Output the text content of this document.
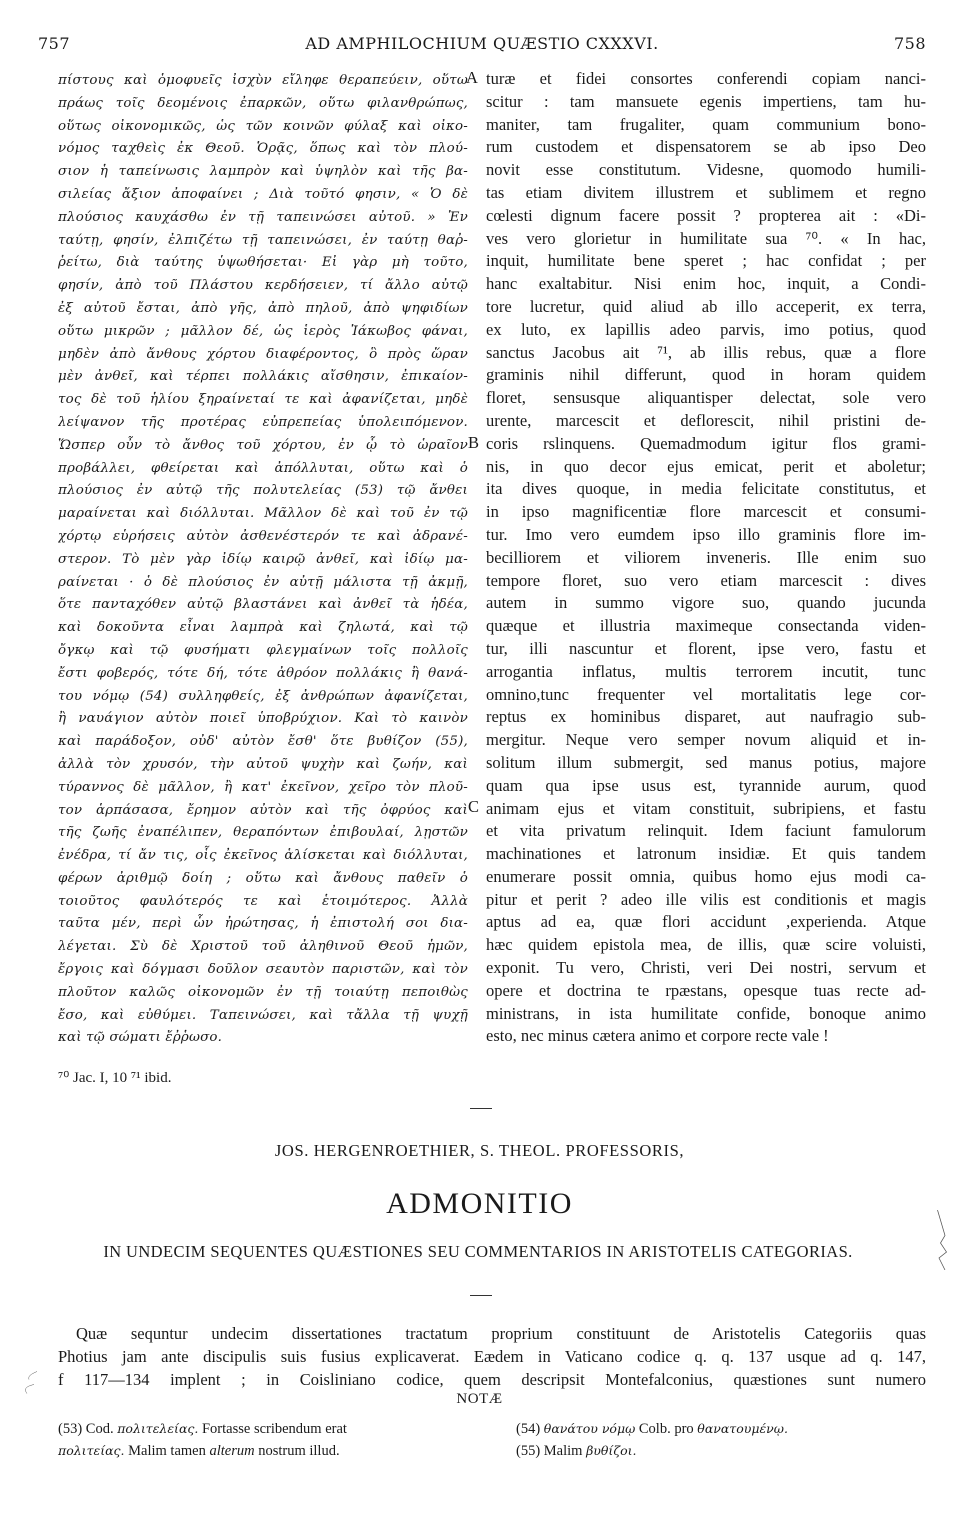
757	AD AMPHILOCHIUM QUÆSTIO CXXXVI.	758
πίστους καὶ ὁμοφυεῖς ἰσχὺν εἴληφε θεραπεύειν, οὕτω
πράως τοῖς δεομένοις ἐπαρκῶν, οὕτω φιλανθρώπως,
οὕτως οἰκονομικῶς, ὡς τῶν κοινῶν φύλαξ καὶ οἰκο-
νόμος ταχθεὶς ἐκ Θεοῦ. Ὁρᾷς, ὅπως καὶ τὸν πλού-
σιον ἡ ταπείνωσις λαμπρὸν καὶ ὑψηλὸν καὶ τῆς βα-
σιλείας ἄξιον ἀποφαίνει ; Διὰ τοῦτό φησιν, « Ὁ δὲ
πλούσιος καυχάσθω ἐν τῇ ταπεινώσει αὐτοῦ. » Ἐν
ταύτῃ, φησίν, ἐλπιζέτω τῇ ταπεινώσει, ἐν ταύτῃ θαῤ-
ῥείτω, διὰ ταύτης ὑψωθήσεται· Εἰ γὰρ μὴ τοῦτο,
φησίν, ἀπὸ τοῦ Πλάστου κερδήσειεν, τί ἄλλο αὐτῷ
ἐξ αὐτοῦ ἔσται, ἀπὸ γῆς, ἀπὸ πηλοῦ, ἀπὸ ψηφιδίων
οὕτω μικρῶν ; μᾶλλον δέ, ὡς ἱερὸς Ἰάκωβος φάναι,
μηδὲν ἀπὸ ἄνθους χόρτου διαφέροντος, ὃ πρὸς ὥραν
μὲν ἀνθεῖ, καὶ τέρπει πολλάκις αἴσθησιν, ἐπικαίον-
τος δὲ τοῦ ἡλίου ξηραίνεταί τε καὶ ἀφανίζεται, μηδὲ
λείψανον τῆς προτέρας εὐπρεπείας ὑπολειπόμενον.
Ὥσπερ οὖν τὸ ἄνθος τοῦ χόρτου, ἐν ᾧ τὸ ὡραῖον
προβάλλει, φθείρεται καὶ ἀπόλλυται, οὕτω καὶ ὁ
πλούσιος ἐν αὐτῷ τῆς πολυτελείας (53) τῷ ἄνθει
μαραίνεται καὶ διόλλυται. Μᾶλλον δὲ καὶ τοῦ ἐν τῷ
χόρτῳ εὑρήσεις αὐτὸν ἀσθενέστερόν τε καὶ ἀδρανέ-
στερον. Τὸ μὲν γὰρ ἰδίῳ καιρῷ ἀνθεῖ, καὶ ἰδίῳ μα-
ραίνεται · ὁ δὲ πλούσιος ἐν αὐτῇ μάλιστα τῇ ἀκμῇ,
ὅτε πανταχόθεν αὐτῷ βλαστάνει καὶ ἀνθεῖ τὰ ἡδέα,
καὶ δοκοῦντα εἶναι λαμπρὰ καὶ ζηλωτά, καὶ τῷ
ὄγκῳ καὶ τῷ φυσήματι φλεγμαίνων τοῖς πολλοῖς
ἔστι φοβερός, τότε δή, τότε ἀθρόον πολλάκις ἢ θανά-
του νόμῳ (54) συλληφθείς, ἐξ ἀνθρώπων ἀφανίζεται,
ἢ ναυάγιον αὐτὸν ποιεῖ ὑποβρύχιον. Καὶ τὸ καινὸν
καὶ παράδοξον, οὐδ' αὐτὸν ἔσθ' ὅτε βυθίζον (55),
ἀλλὰ τὸν χρυσόν, τὴν αὐτοῦ ψυχὴν καὶ ζωήν, καὶ
τύραννος δὲ μᾶλλον, ἢ κατ' ἐκεῖνον, χεῖρο τὸν πλοῦ-
τον ἁρπάσασα, ἔρημον αὐτὸν καὶ τῆς ὀφρύος καὶ
τῆς ζωῆς ἐναπέλιπεν, θεραπόντων ἐπιβουλαί, λῃστῶν
ἐνέδρα, τί ἄν τις, οἷς ἐκεῖνος ἁλίσκεται καὶ διόλλυται,
φέρων ἀριθμῷ δοίη ; οὕτω καὶ ἄνθους παθεῖν ὁ
τοιοῦτος φαυλότερός τε καὶ ἑτοιμότερος. Ἀλλὰ
ταῦτα μέν, περὶ ὧν ἠρώτησας, ἡ ἐπιστολή σοι δια-
λέγεται. Σὺ δὲ Χριστοῦ τοῦ ἀληθινοῦ Θεοῦ ἡμῶν,
ἔργοις καὶ δόγμασι δοῦλον σεαυτὸν παριστῶν, καὶ τὸν
πλοῦτον καλῶς οἰκονομῶν ἐν τῇ τοιαύτῃ πεποιθὼς
ἔσο, καὶ εὐθύμει. Ταπεινώσει, καὶ τἄλλα τῇ ψυχῇ
καὶ τῷ σώματι ἔῤῥωσο.
A
B
C
turæ et fidei consortes conferendi copiam nanci-
scitur : tam mansuete egenis impertiens, tam hu-
maniter, tam frugaliter, quam communium bono-
rum custodem et dispensatorem se ab ipso Deo
novit esse constitutum. Videsne, quomodo humili-
tas etiam divitem illustrem et sublimem et regno
cœlesti dignum facere possit ? propterea ait : «Di-
ves vero glorietur in humilitate sua ⁷⁰. « In hac,
inquit, humilitate bene speret ; hac confidat ; per
hanc exaltabitur. Nisi enim hoc, inquit, a Condi-
tore lucretur, quid aliud ab illo acceperit, ex terra,
ex luto, ex lapillis adeo parvis, imo potius, quod
sanctus Jacobus ait ⁷¹, ab illis rebus, quæ a flore
graminis nihil differunt, quod in horam quidem
floret, sensusque aliquantisper delectat, sole vero
urente, marcescit et deflorescit, nihil pristini de-
coris rslinquens. Quemadmodum igitur flos grami-
nis, in quo decor ejus emicat, perit et aboletur;
ita dives quoque, in media felicitate constitutus, et
in ipso magnificentiæ flore marcescit et consumi-
tur. Imo vero eumdem ipso illo graminis flore im-
becilliorem et viliorem inveneris. Ille enim suo
tempore floret, suo vero etiam marcescit : dives
autem in summo vigore suo, quando jucunda
quæque et illustria maximeque consectanda viden-
tur, illi nascuntur et florent, ipse vero, fastu et
arrogantia inflatus, multis terrorem incutit, tunc
omnino,tunc frequenter vel mortalitatis lege cor-
reptus ex hominibus disparet, aut naufragio sub-
mergitur. Neque vero semper novum aliquid et in-
solitum illum submergit, sed manus potius, majore
quam qua ipse usus est, tyrannide aurum, quod
animam ejus et vitam constituit, subripiens, et fastu
et vita privatum relinquit. Idem faciunt famulorum
machinationes et latronum insidiæ. Et quis tandem
enumerare possit omnia, quibus homo ejus modi ca-
pitur et perit ? adeo ille vilis est conditionis et magis
aptus ad ea, quæ flori accidunt ,experienda. Atque
hæc quidem epistola mea, de illis, quæ scire voluisti,
exponit. Tu vero, Christi, veri Dei nostri, servum et
opere et doctrina te rpæstans, opesque tuas recte ad-
ministrans, in ista humilitate confide, bonoque animo
esto, nec minus cætera animo et corpore recte vale !
⁷⁰ Jac. I, 10 ⁷¹ ibid.
JOS. HERGENROETHIER, S. THEOL. PROFESSORIS,
ADMONITIO
IN UNDECIM SEQUENTES QUÆSTIONES SEU COMMENTARIOS IN ARISTOTELIS CATEGORIAS.
Quæ sequntur undecim dissertationes tractatum proprium constituunt de Aristotelis Categoriis quas
Photius jam ante discipulis suis fusius explicaverat. Eædem in Vaticano codice q. q. 137 usque ad q. 147,
f 117—134 implent ; in Coisliniano codice, quem descripsit Montefalconius, quæstiones sunt numero
NOTÆ
(53) Cod. πολιτελείας. Fortasse scribendum erat
πολιτείας. Malim tamen alterum nostrum illud.
(54) θανάτου νόμῳ Colb. pro θανατουμένῳ.
(55) Malim βυθίζοι.
